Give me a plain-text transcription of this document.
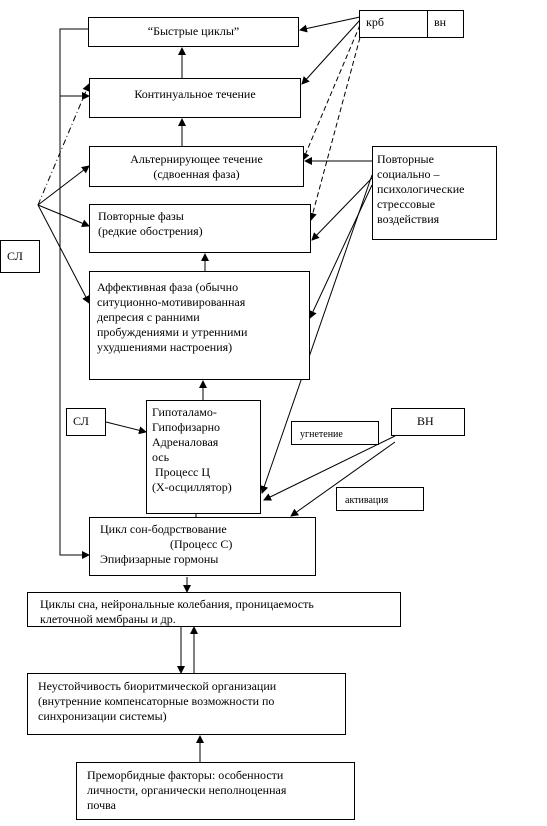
“Быстрые циклы”
Континуальное течение
Альтернирующее течение
(сдвоенная фаза)
Повторные фазы
(редкие обострения)
Аффективная фаза (обычно
ситуционно-мотивированная
депресия с ранними
пробуждениями и утренними
ухудшениями настроения)
Гипоталамо-
Гипофизарно
Адреналовая
ось
Процесс Ц
(Х-осциллятор)
Цикл сон-бодрствование
(Процесс С)
Эпифизарные гормоны
Циклы сна, нейрональные колебания, проницаемость
клеточной мембраны и др.
Неустойчивость биоритмической организации
(внутренние компенсаторные возможности по
синхронизации системы)
Преморбидные факторы: особенности
личности, органически неполноценная
почва
Повторные
социально –
психологические
стрессовые
воздействия
крб	вн
СЛ
СЛ	ВН
угнетение
активация
